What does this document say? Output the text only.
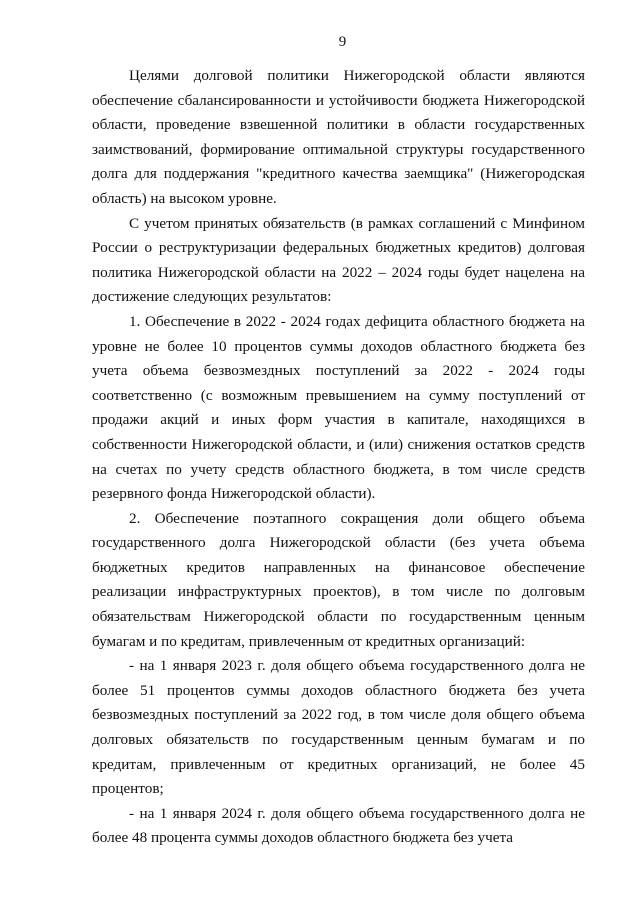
9

Целями долговой политики Нижегородской области являются обеспечение сбалансированности и устойчивости бюджета Нижегородской области, проведение взвешенной политики в области государственных заимствований, формирование оптимальной структуры государственного долга для поддержания "кредитного качества заемщика" (Нижегородская область) на высоком уровне.

С учетом принятых обязательств (в рамках соглашений с Минфином России о реструктуризации федеральных бюджетных кредитов) долговая политика Нижегородской области на 2022 – 2024 годы будет нацелена на достижение следующих результатов:

1. Обеспечение в 2022 - 2024 годах дефицита областного бюджета на уровне не более 10 процентов суммы доходов областного бюджета без учета объема безвозмездных поступлений за 2022 - 2024 годы соответственно (с возможным превышением на сумму поступлений от продажи акций и иных форм участия в капитале, находящихся в собственности Нижегородской области, и (или) снижения остатков средств на счетах по учету средств областного бюджета, в том числе средств резервного фонда Нижегородской области).

2. Обеспечение поэтапного сокращения доли общего объема государственного долга Нижегородской области (без учета объема бюджетных кредитов направленных на финансовое обеспечение реализации инфраструктурных проектов), в том числе по долговым обязательствам Нижегородской области по государственным ценным бумагам и по кредитам, привлеченным от кредитных организаций:

- на 1 января 2023 г. доля общего объема государственного долга не более 51 процентов суммы доходов областного бюджета без учета безвозмездных поступлений за 2022 год, в том числе доля общего объема долговых обязательств по государственным ценным бумагам и по кредитам, привлеченным от кредитных организаций, не более 45 процентов;

- на 1 января 2024 г. доля общего объема государственного долга не более 48 процента суммы доходов областного бюджета без учета
